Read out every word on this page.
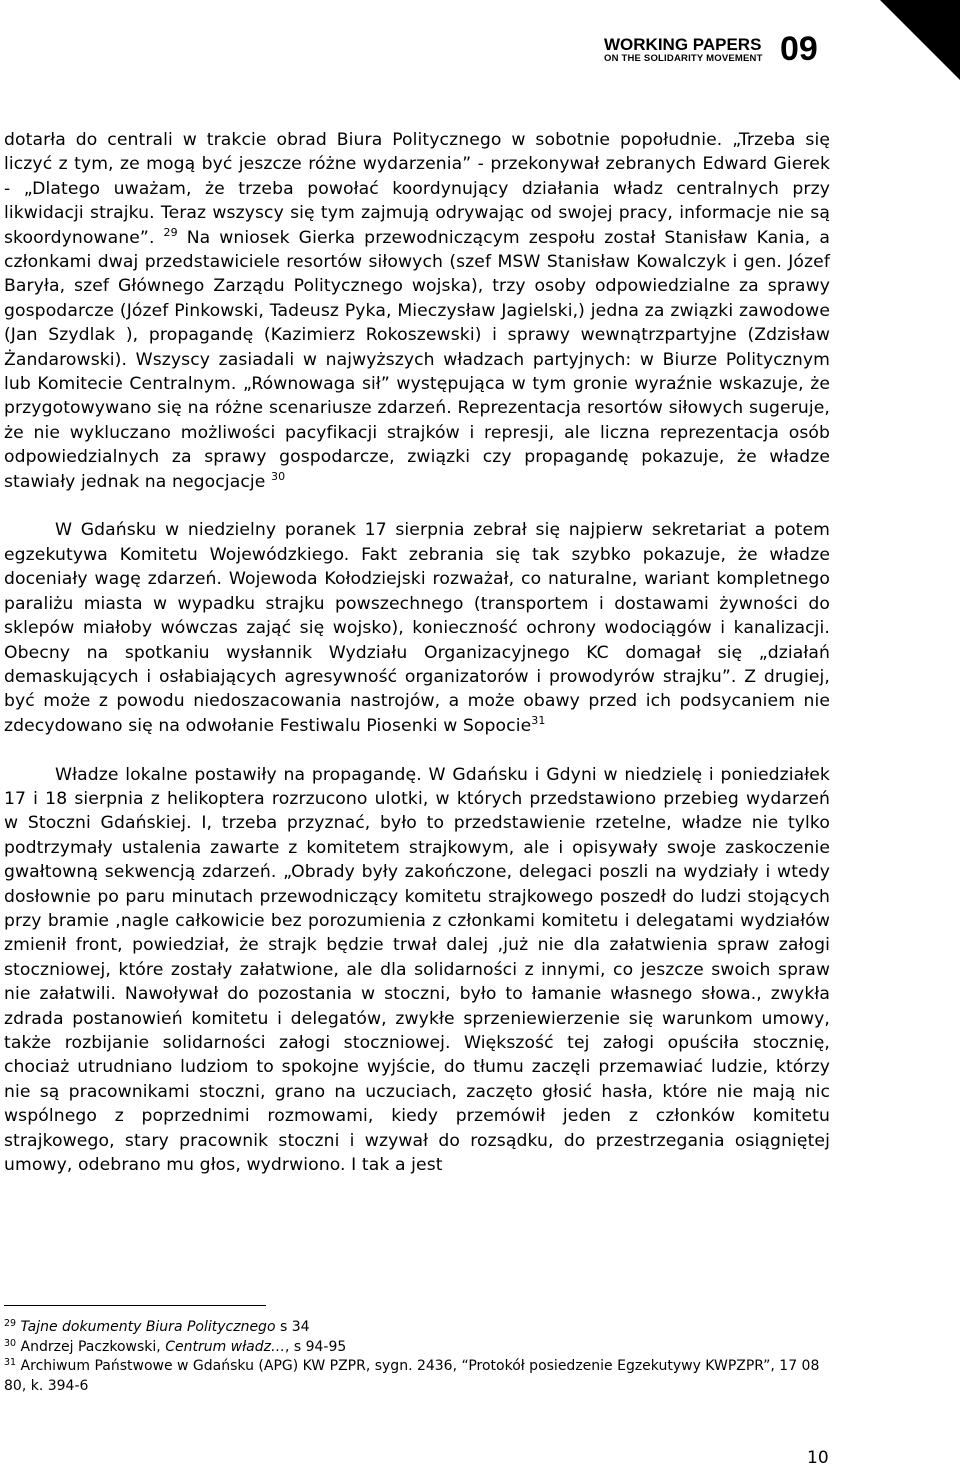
WORKING PAPERS
ON THE SOLIDARITY MOVEMENT 09

dotarła do centrali w trakcie obrad Biura Politycznego w sobotnie popołudnie. „Trzeba się liczyć z tym, ze mogą być jeszcze różne wydarzenia” - przekonywał zebranych Edward Gierek - „Dlatego uważam, że trzeba powołać koordynujący działania władz centralnych przy likwidacji strajku. Teraz wszyscy się tym zajmują odrywając od swojej pracy, informacje nie są skoordynowane”. $^{29}$ Na wniosek Gierka przewodniczącym zespołu został Stanisław Kania, a członkami dwaj przedstawiciele resortów siłowych (szef MSW Stanisław Kowalczyk i gen. Józef Baryła, szef Głównego Zarządu Politycznego wojska), trzy osoby odpowiedzialne za sprawy gospodarcze (Józef Pinkowski, Tadeusz Pyka, Mieczysław Jagielski,) jedna za związki zawodowe (Jan Szydlak ), propagandę (Kazimierz Rokoszewski) i sprawy wewnątrzpartyjne (Zdzisław Żandarowski). Wszyscy zasiadali w najwyższych władzach partyjnych: w Biurze Politycznym lub Komitecie Centralnym. „Równowaga sił” występująca w tym gronie wyraźnie wskazuje, że przygotowywano się na różne scenariusze zdarzeń. Reprezentacja resortów siłowych sugeruje, że nie wykluczano możliwości pacyfikacji strajków i represji, ale liczna reprezentacja osób odpowiedzialnych za sprawy gospodarcze, związki czy propagandę pokazuje, że władze stawiały jednak na negocjacje $^{30}$

W Gdańsku w niedzielny poranek 17 sierpnia zebrał się najpierw sekretariat a potem egzekutywa Komitetu Wojewódzkiego. Fakt zebrania się tak szybko pokazuje, że władze doceniały wagę zdarzeń. Wojewoda Kołodziejski rozważał, co naturalne, wariant kompletnego paraliżu miasta w wypadku strajku powszechnego (transportem i dostawami żywności do sklepów miałoby wówczas zająć się wojsko), konieczność ochrony wodociągów i kanalizacji. Obecny na spotkaniu wysłannik Wydziału Organizacyjnego KC domagał się „działań demaskujących i osłabiających agresywność organizatorów i prowodyrów strajku”. Z drugiej, być może z powodu niedoszacowania nastrojów, a może obawy przed ich podsycaniem nie zdecydowano się na odwołanie Festiwalu Piosenki w Sopocie$^{31}$

Władze lokalne postawiły na propagandę. W Gdańsku i Gdyni w niedzielę i poniedziałek 17 i 18 sierpnia z helikoptera rozrzucono ulotki, w których przedstawiono przebieg wydarzeń w Stoczni Gdańskiej. I, trzeba przyznać, było to przedstawienie rzetelne, władze nie tylko podtrzymały ustalenia zawarte z komitetem strajkowym, ale i opisywały swoje zaskoczenie gwałtowną sekwencją zdarzeń. „Obrady były zakończone, delegaci poszli na wydziały i wtedy dosłownie po paru minutach przewodniczący komitetu strajkowego poszedł do ludzi stojących przy bramie ,nagle całkowicie bez porozumienia z członkami komitetu i delegatami wydziałów zmienił front, powiedział, że strajk będzie trwał dalej ,już nie dla załatwienia spraw załogi stoczniowej, które zostały załatwione, ale dla solidarności z innymi, co jeszcze swoich spraw nie załatwili. Nawoływał do pozostania w stoczni, było to łamanie własnego słowa., zwykła zdrada postanowień komitetu i delegatów, zwykłe sprzeniewierzenie się warunkom umowy, także rozbijanie solidarności załogi stoczniowej. Większość tej załogi opuściła stocznię, chociaż utrudniano ludziom to spokojne wyjście, do tłumu zaczęli przemawiać ludzie, którzy nie są pracownikami stoczni, grano na uczuciach, zaczęto głosić hasła, które nie mają nic wspólnego z poprzednimi rozmowami, kiedy przemówił jeden z członków komitetu strajkowego, stary pracownik stoczni i wzywał do rozsądku, do przestrzegania osiągniętej umowy, odebrano mu głos, wydrwiono. I tak a jest

$^{29}$ Tajne dokumenty Biura Politycznego s 34
$^{30}$ Andrzej Paczkowski, Centrum władz…, s 94-95
$^{31}$ Archiwum Państwowe w Gdańsku (APG) KW PZPR, sygn. 2436, “Protokół posiedzenie Egzekutywy KWPZPR”, 17 08 80, k. 394-6
10
